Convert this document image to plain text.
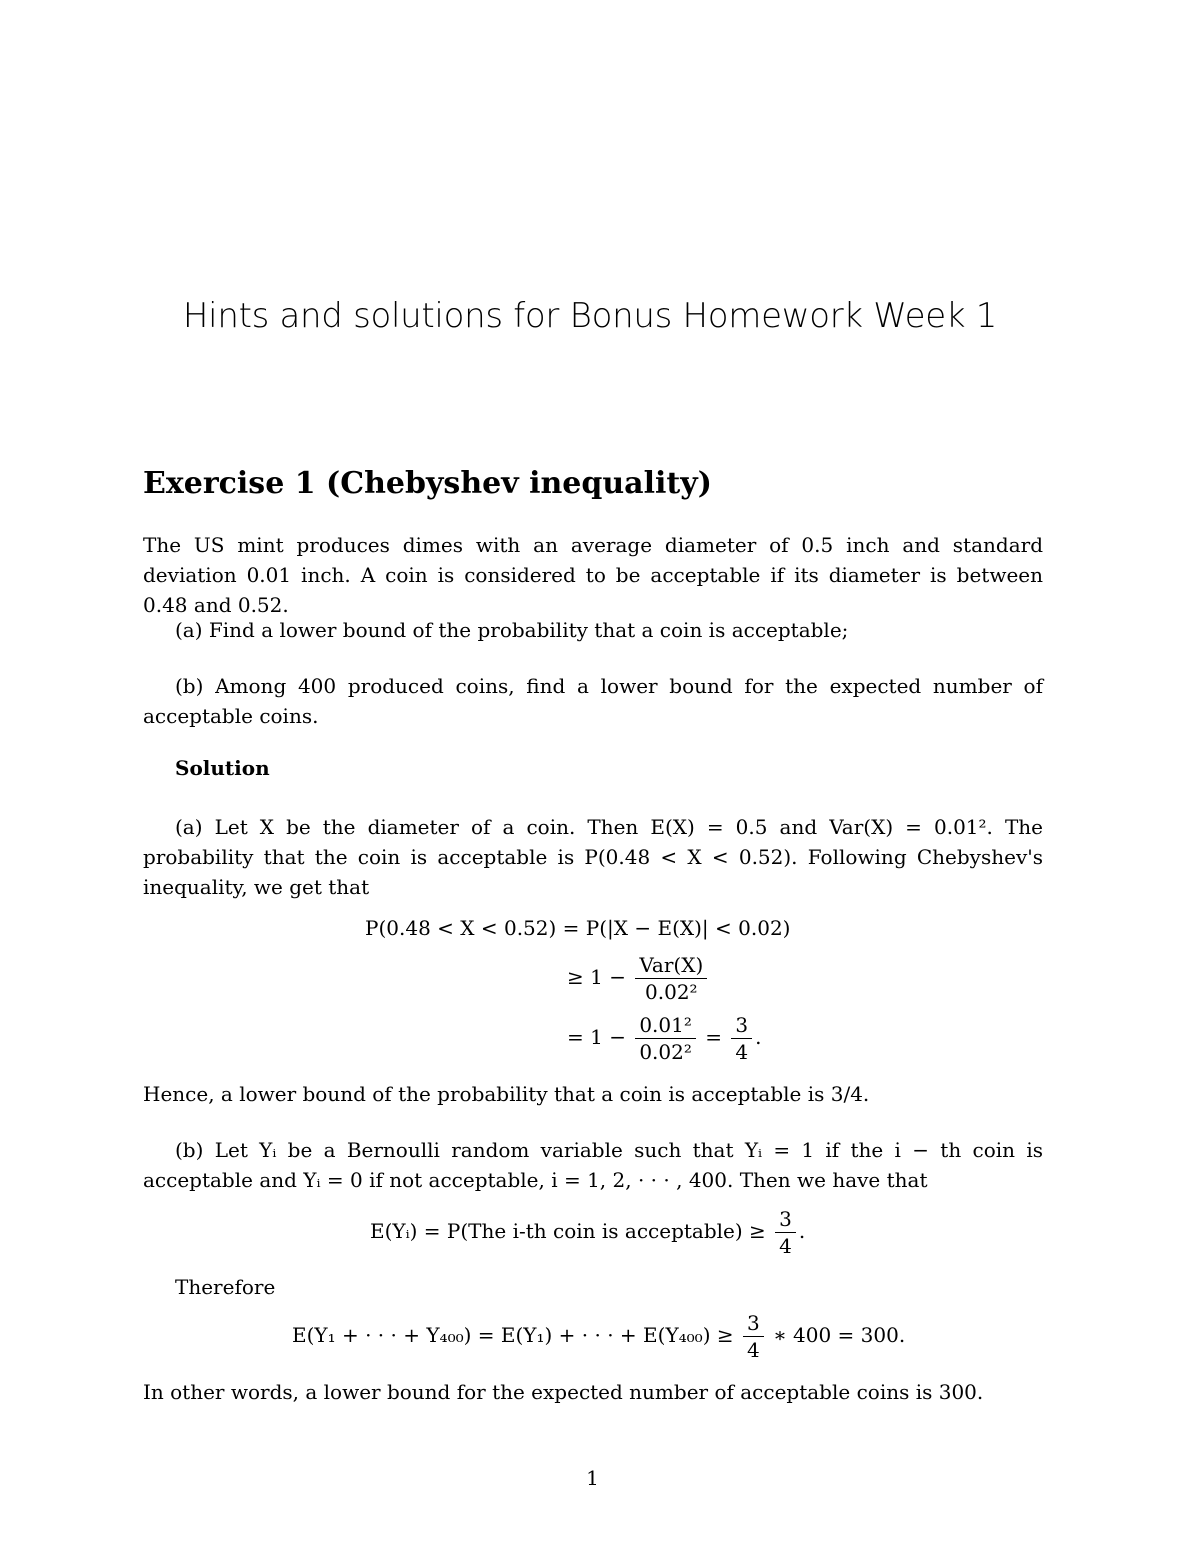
Hints and solutions for Bonus Homework Week 1
Exercise 1 (Chebyshev inequality)

The US mint produces dimes with an average diameter of 0.5 inch and standard deviation 0.01 inch. A coin is considered to be acceptable if its diameter is between 0.48 and 0.52.

(a) Find a lower bound of the probability that a coin is acceptable;

(b) Among 400 produced coins, find a lower bound for the expected number of acceptable coins.

Solution

(a) Let X be the diameter of a coin. Then E(X) = 0.5 and Var(X) = 0.01². The probability that the coin is acceptable is P(0.48 < X < 0.52). Following Chebyshev's inequality, we get that

P(0.48 < X < 0.52) = P(|X − E(X)| < 0.02)
≥ $1 - \frac{\text{Var(X)}}{\text{0.02²}}$
= $1 - \frac{\text{0.01²}}{\text{0.02²}} = \frac{3}{4}$ .

Hence, a lower bound of the probability that a coin is acceptable is 3/4.

(b) Let Yᵢ be a Bernoulli random variable such that Yᵢ = 1 if the i − th coin is acceptable and Yᵢ = 0 if not acceptable, i = 1, 2, · · · , 400. Then we have that

E(Yᵢ) = P(The i-th coin is acceptable) ≥ $\frac{3}{4}$ .

Therefore

E(Y₁ + · · · + Y₄₀₀) = E(Y₁) + · · · + $E(Y_{400}) \ge \frac{3}{4}$ ∗ 400 = 300.

In other words, a lower bound for the expected number of acceptable coins is 300.

1
